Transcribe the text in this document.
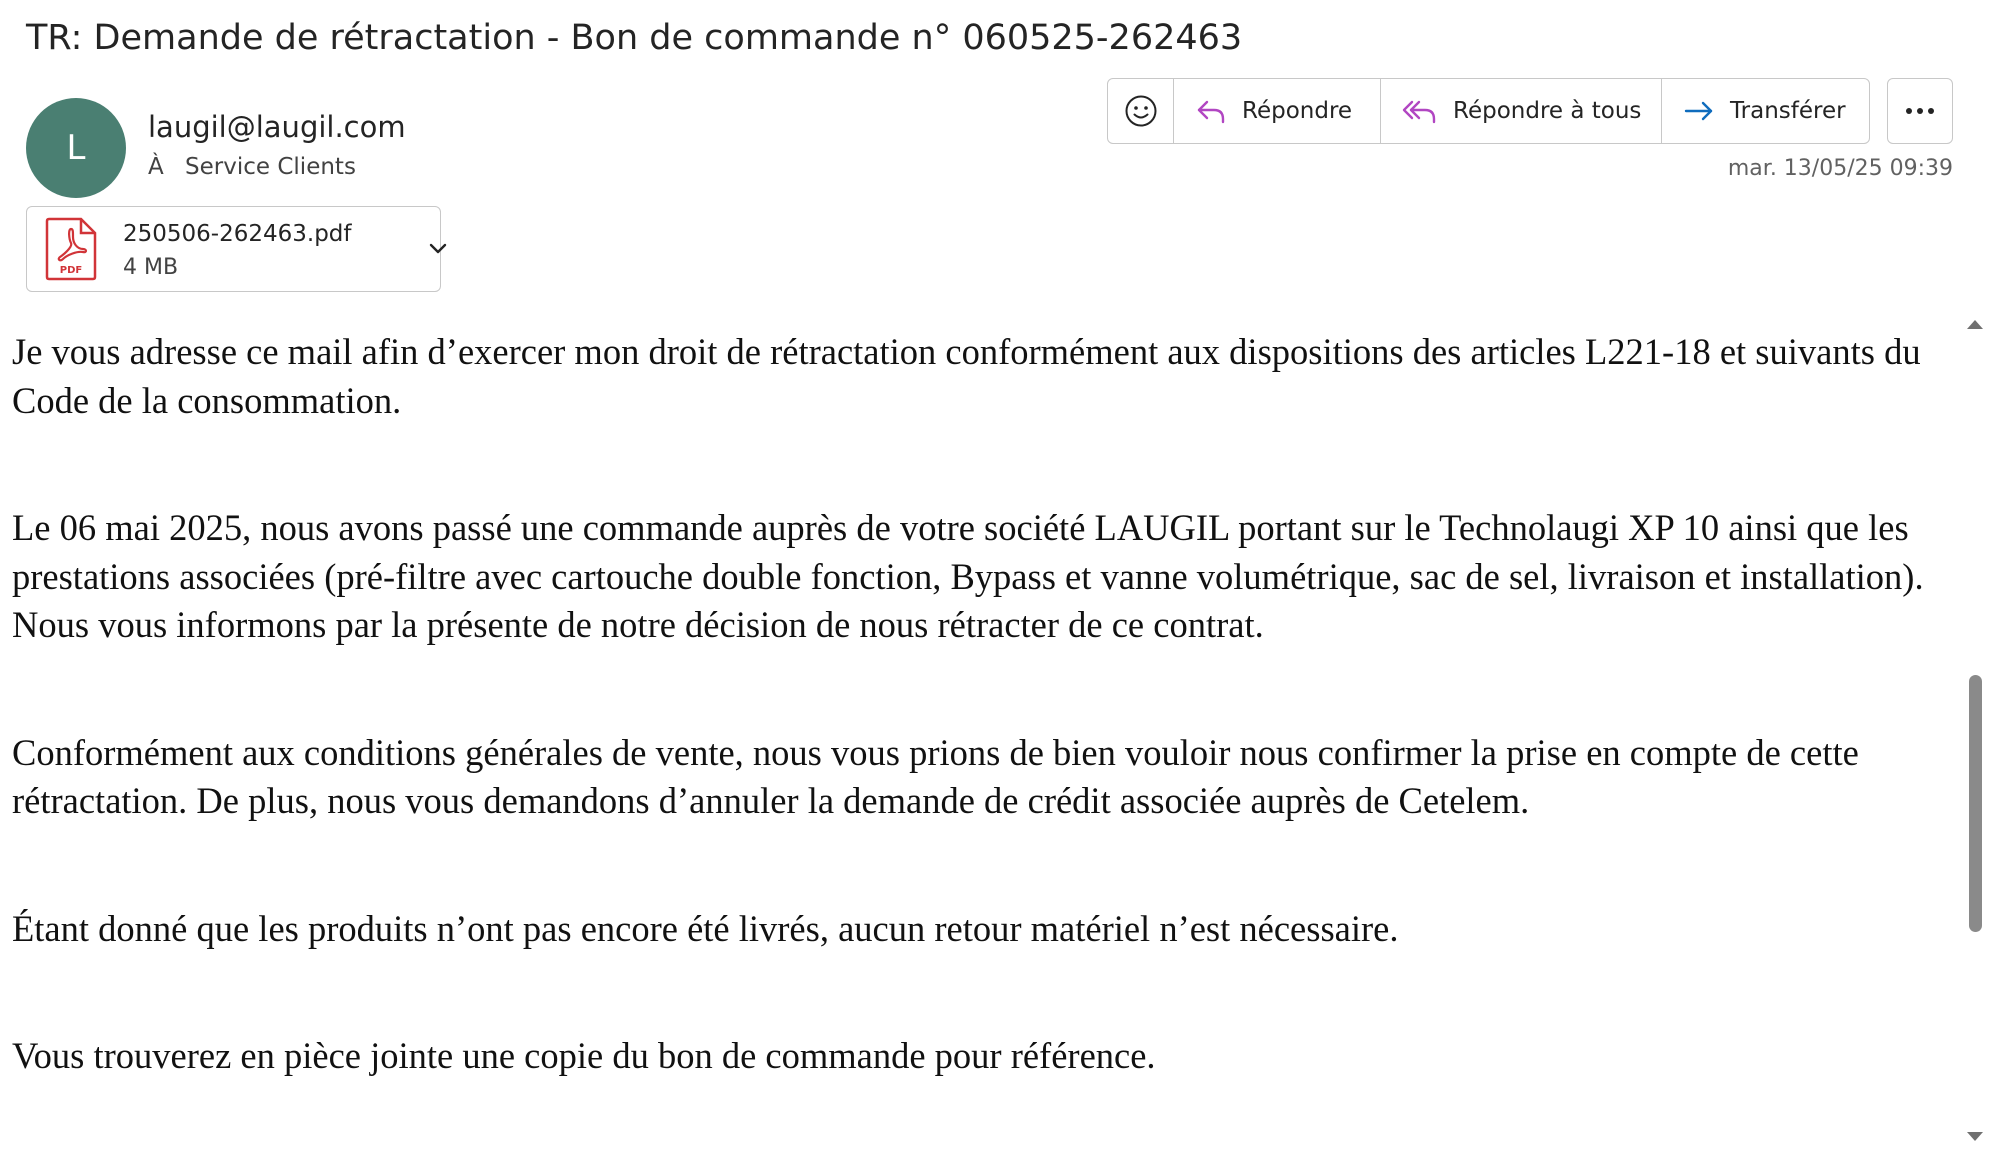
TR: Demande de rétractation - Bon de commande n° 060525-262463
L
laugil@laugil.com
À Service Clients
Répondre	Répondre à tous	Transférer
mar. 13/05/25 09:39
PDF
250506-262463.pdf
4 MB

Je vous adresse ce mail afin d’exercer mon droit de rétractation conformément aux dispositions des articles L221-18 et suivants du Code de la consommation.

Le 06 mai 2025, nous avons passé une commande auprès de votre société LAUGIL portant sur le Technolaugi XP 10 ainsi que les prestations associées (pré-filtre avec cartouche double fonction, Bypass et vanne volumétrique, sac de sel, livraison et installation). Nous vous informons par la présente de notre décision de nous rétracter de ce contrat.

Conformément aux conditions générales de vente, nous vous prions de bien vouloir nous confirmer la prise en compte de cette rétractation. De plus, nous vous demandons d’annuler la demande de crédit associée auprès de Cetelem.

Étant donné que les produits n’ont pas encore été livrés, aucun retour matériel n’est nécessaire.

Vous trouverez en pièce jointe une copie du bon de commande pour référence.
